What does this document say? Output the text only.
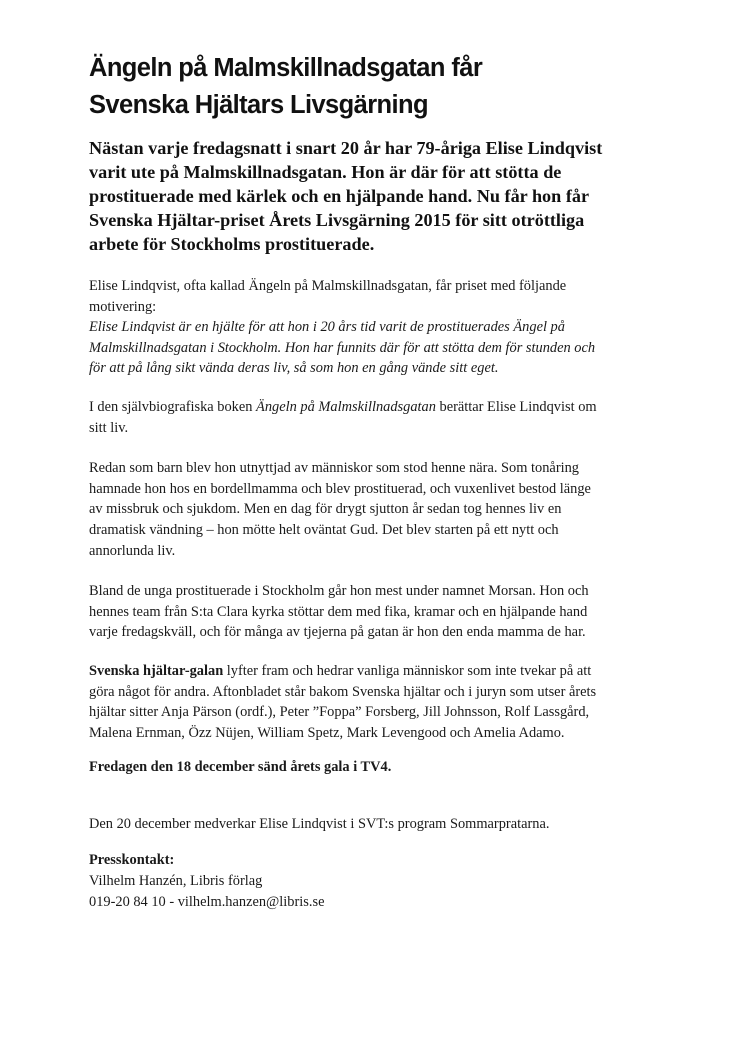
Ängeln på Malmskillnadsgatan får
Svenska Hjältars Livsgärning

Nästan varje fredagsnatt i snart 20 år har 79-åriga Elise Lindqvist
varit ute på Malmskillnadsgatan. Hon är där för att stötta de
prostituerade med kärlek och en hjälpande hand. Nu får hon får
Svenska Hjältar-priset Årets Livsgärning 2015 för sitt otröttliga
arbete för Stockholms prostituerade.

Elise Lindqvist, ofta kallad Ängeln på Malmskillnadsgatan, får priset med följande
motivering:
Elise Lindqvist är en hjälte för att hon i 20 års tid varit de prostituerades Ängel på
Malmskillnadsgatan i Stockholm. Hon har funnits där för att stötta dem för stunden och
för att på lång sikt vända deras liv, så som hon en gång vände sitt eget.

I den självbiografiska boken Ängeln på Malmskillnadsgatan berättar Elise Lindqvist om
sitt liv.

Redan som barn blev hon utnyttjad av människor som stod henne nära. Som tonåring
hamnade hon hos en bordellmamma och blev prostituerad, och vuxenlivet bestod länge
av missbruk och sjukdom. Men en dag för drygt sjutton år sedan tog hennes liv en
dramatisk vändning – hon mötte helt oväntat Gud. Det blev starten på ett nytt och
annorlunda liv.

Bland de unga prostituerade i Stockholm går hon mest under namnet Morsan. Hon och
hennes team från S:ta Clara kyrka stöttar dem med fika, kramar och en hjälpande hand
varje fredagskväll, och för många av tjejerna på gatan är hon den enda mamma de har.

Svenska hjältar-galan lyfter fram och hedrar vanliga människor som inte tvekar på att
göra något för andra. Aftonbladet står bakom Svenska hjältar och i juryn som utser årets
hjältar sitter Anja Pärson (ordf.), Peter ”Foppa” Forsberg, Jill Johnsson, Rolf Lassgård,
Malena Ernman, Özz Nüjen, William Spetz, Mark Levengood och Amelia Adamo.

Fredagen den 18 december sänd årets gala i TV4.

Den 20 december medverkar Elise Lindqvist i SVT:s program Sommarpratarna.

Presskontakt:
Vilhelm Hanzén, Libris förlag
019-20 84 10 - vilhelm.hanzen@libris.se
